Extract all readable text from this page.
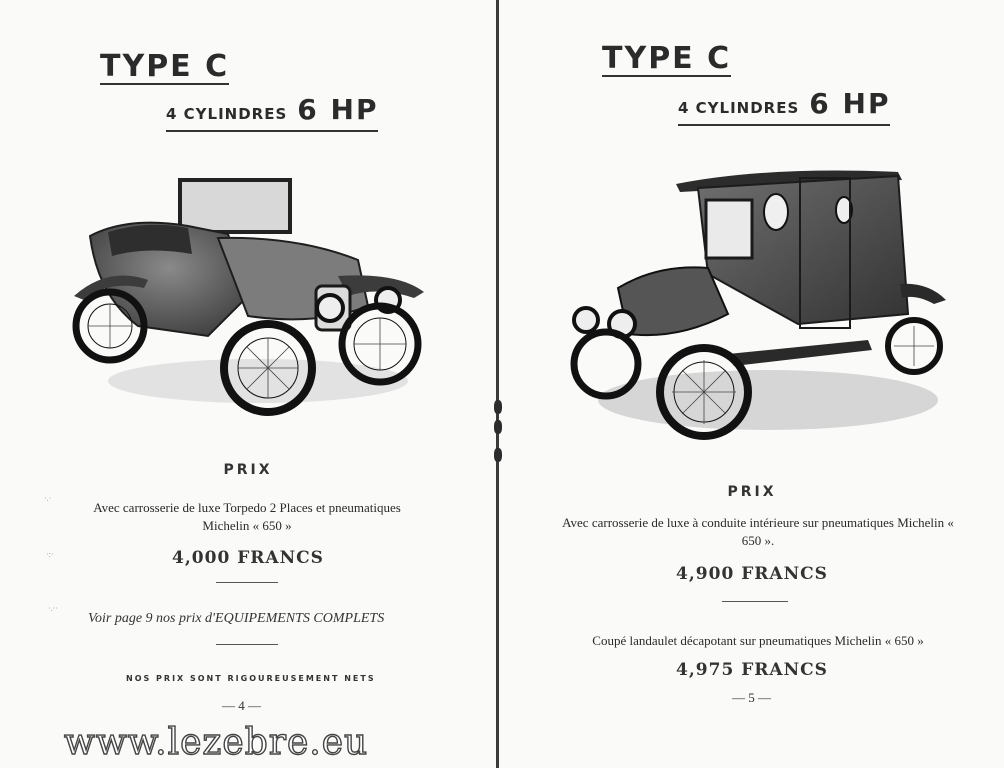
TYPE C
4 CYLINDRES 6 HP
PRIX
Avec carrosserie de luxe Torpedo 2 Places et pneumatiques Michelin « 650 »
4,000 FRANCS
Voir page 9 nos prix d'EQUIPEMENTS COMPLETS
NOS PRIX SONT RIGOUREUSEMENT NETS
— 4 —
·.·
·:·
·.··
TYPE C
4 CYLINDRES 6 HP
PRIX
Avec carrosserie de luxe à conduite intérieure sur pneumatiques Michelin « 650 ».
4,900 FRANCS
Coupé landaulet décapotant sur pneumatiques Michelin « 650 »
4,975 FRANCS
— 5 —
www.lezebre.eu
